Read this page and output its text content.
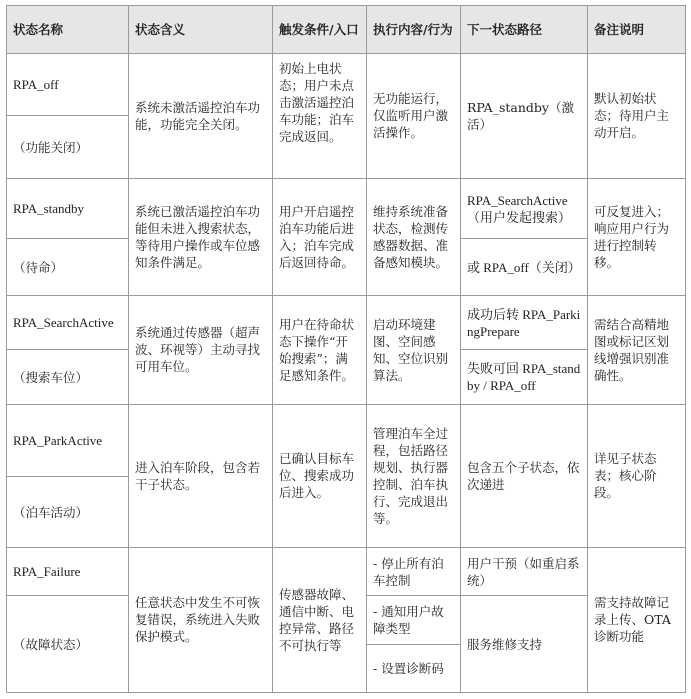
状态名称	状态含义	触发条件/入口	执行内容/行为	下一状态路径	备注说明
RPA_off	系统未激活遥控泊车功能，功能完全关闭。	初始上电状态；用户未点击激活遥控泊车功能；泊车完成返回。	无功能运行，仅监听用户激活操作。	RPA_standby（激活）	默认初始状态；待用户主动开启。
（功能关闭）					
RPA_standby	系统已激活遥控泊车功能但未进入搜索状态，等待用户操作或车位感知条件满足。	用户开启遥控泊车功能后进入；泊车完成后返回待命。	维持系统准备状态，检测传感器数据、准备感知模块。	RPA_SearchActive（用户发起搜索）	可反复进入；响应用户行为进行控制转移。
（待命）				或 RPA_off（关闭）	
RPA_SearchActive	系统通过传感器（超声波、环视等）主动寻找可用车位。	用户在待命状态下操作“开始搜索”；满足感知条件。	启动环境建图、空间感知、空位识别算法。	成功后转 RPA_ParkingPrepare	需结合高精地图或标记区划线增强识别准确性。
（搜索车位）				失败可回 RPA_standby / RPA_off	
RPA_ParkActive	进入泊车阶段，包含若干子状态。	已确认目标车位、搜索成功后进入。	管理泊车全过程，包括路径规划、执行器控制、泊车执行、完成退出等。	包含五个子状态，依次递进	详见子状态表；核心阶段。
（泊车活动）					
RPA_Failure	任意状态中发生不可恢复错误，系统进入失败保护模式。	传感器故障、通信中断、电控异常、路径不可执行等	- 停止所有泊车控制	用户干预（如重启系统）	需支持故障记录上传、OTA 诊断功能
（故障状态）			- 通知用户故障类型	服务维修支持	
			- 设置诊断码		
